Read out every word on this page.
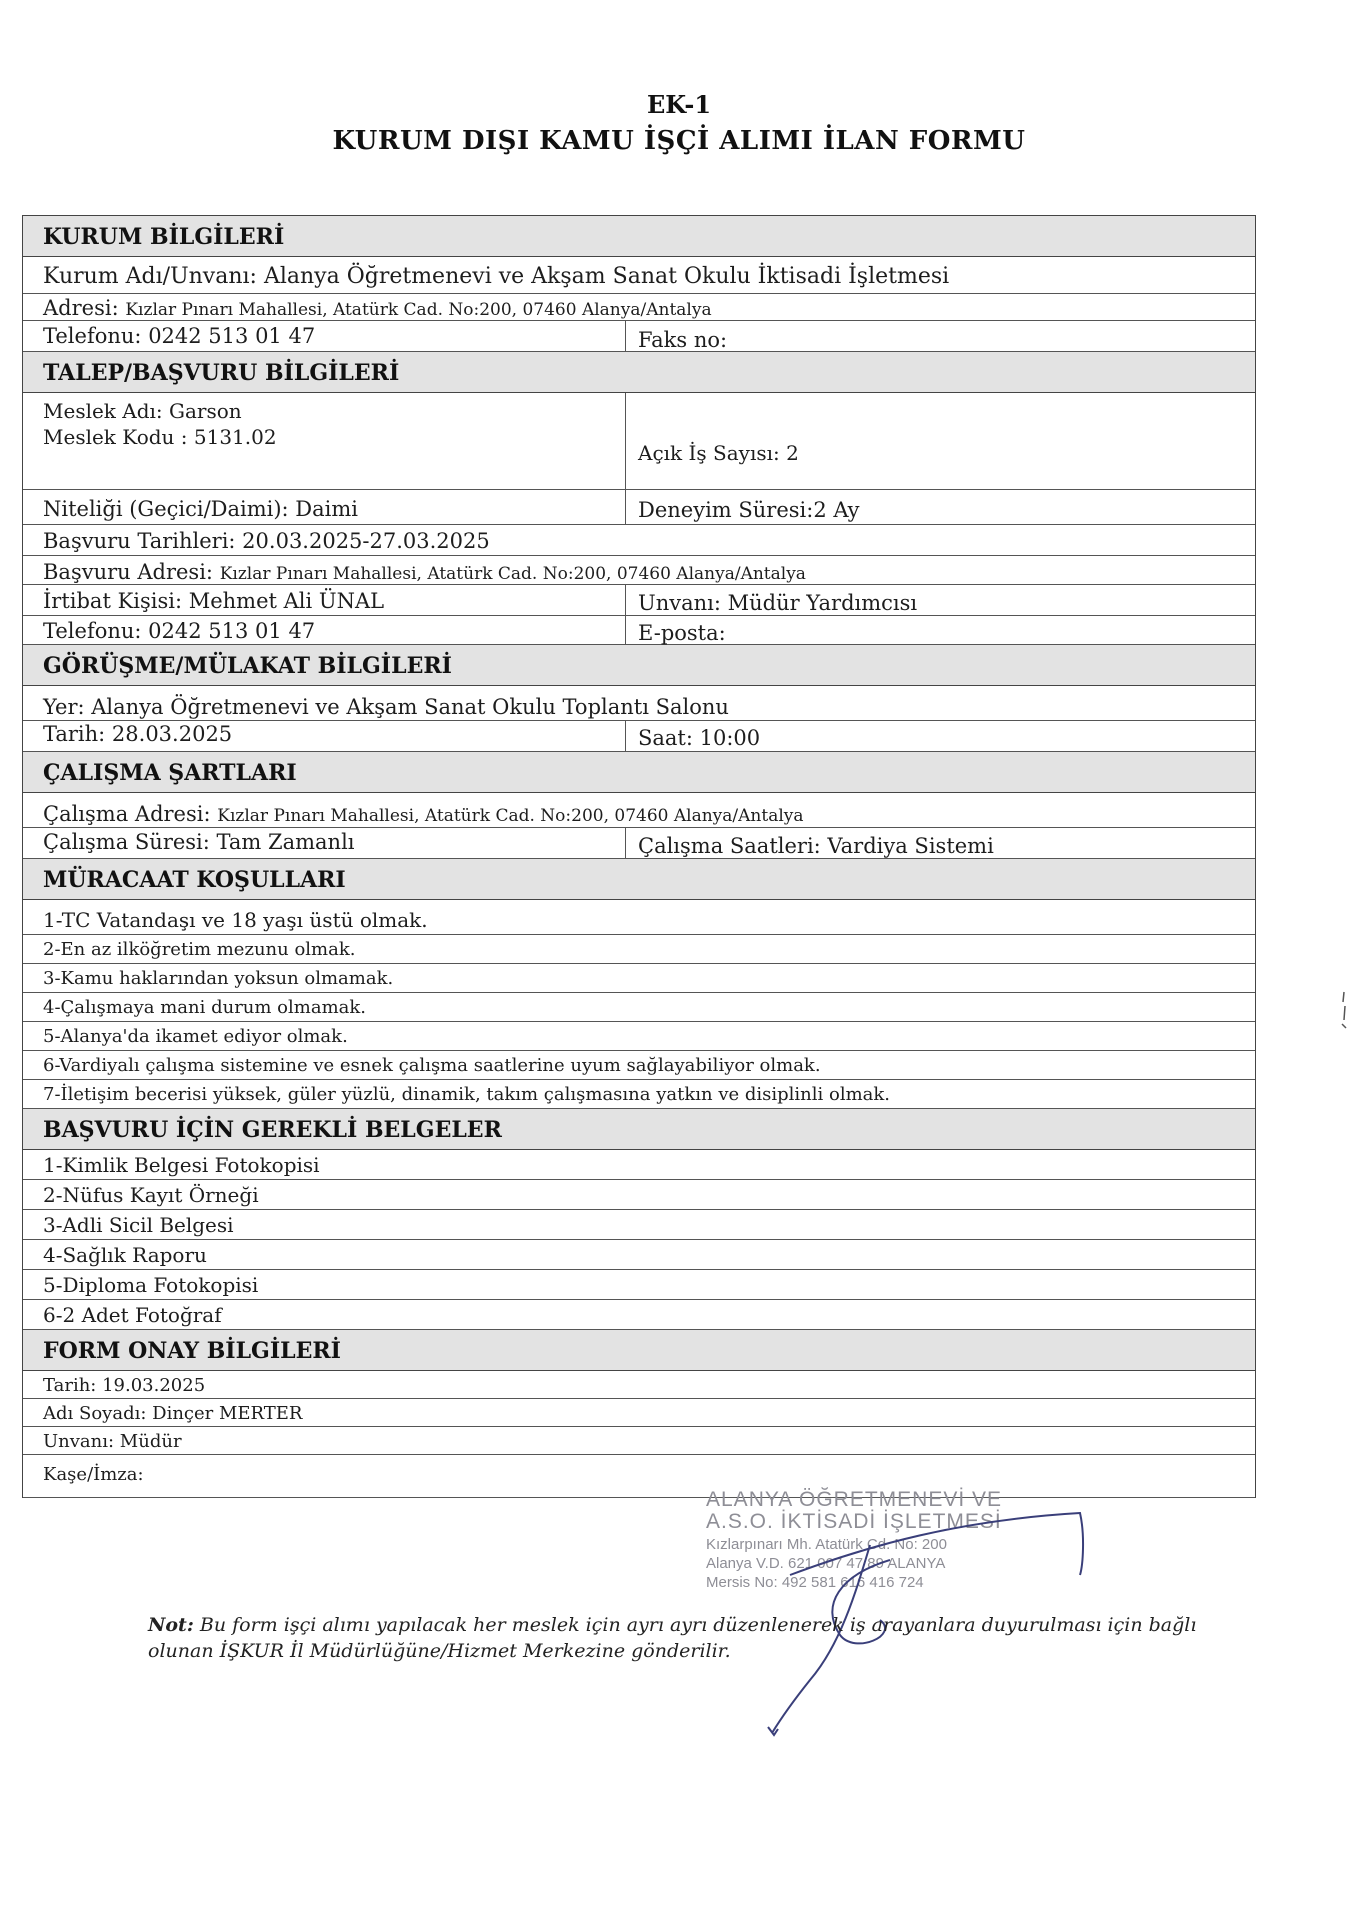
EK-1
KURUM DIŞI KAMU İŞÇİ ALIMI İLAN FORMU
KURUM BİLGİLERİ
Kurum Adı/Unvanı: Alanya Öğretmenevi ve Akşam Sanat Okulu İktisadi İşletmesi
Adresi: Kızlar Pınarı Mahallesi, Atatürk Cad. No:200, 07460 Alanya/Antalya
Telefonu: 0242 513 01 47	Faks no:
TALEP/BAŞVURU BİLGİLERİ
Meslek Adı: Garson
Meslek Kodu : 5131.02
Açık İş Sayısı: 2
Niteliği (Geçici/Daimi): Daimi	Deneyim Süresi:2 Ay
Başvuru Tarihleri: 20.03.2025-27.03.2025
Başvuru Adresi: Kızlar Pınarı Mahallesi, Atatürk Cad. No:200, 07460 Alanya/Antalya
İrtibat Kişisi: Mehmet Ali ÜNAL	Unvanı: Müdür Yardımcısı
Telefonu: 0242 513 01 47	E-posta:
GÖRÜŞME/MÜLAKAT BİLGİLERİ
Yer: Alanya Öğretmenevi ve Akşam Sanat Okulu Toplantı Salonu
Tarih: 28.03.2025	Saat: 10:00
ÇALIŞMA ŞARTLARI
Çalışma Adresi: Kızlar Pınarı Mahallesi, Atatürk Cad. No:200, 07460 Alanya/Antalya
Çalışma Süresi: Tam Zamanlı	Çalışma Saatleri: Vardiya Sistemi
MÜRACAAT KOŞULLARI
1-TC Vatandaşı ve 18 yaşı üstü olmak.
2-En az ilköğretim mezunu olmak.
3-Kamu haklarından yoksun olmamak.
4-Çalışmaya mani durum olmamak.
5-Alanya'da ikamet ediyor olmak.
6-Vardiyalı çalışma sistemine ve esnek çalışma saatlerine uyum sağlayabiliyor olmak.
7-İletişim becerisi yüksek, güler yüzlü, dinamik, takım çalışmasına yatkın ve disiplinli olmak.
BAŞVURU İÇİN GEREKLİ BELGELER
1-Kimlik Belgesi Fotokopisi
2-Nüfus Kayıt Örneği
3-Adli Sicil Belgesi
4-Sağlık Raporu
5-Diploma Fotokopisi
6-2 Adet Fotoğraf
FORM ONAY BİLGİLERİ
Tarih: 19.03.2025
Adı Soyadı: Dinçer MERTER
Unvanı: Müdür
Kaşe/İmza:
ALANYA ÖĞRETMENEVİ VE
A.S.O. İKTİSADİ İŞLETMESİ
Kızlarpınarı Mh. Atatürk Cd. No: 200
Alanya V.D. 621 007 47 89 ALANYA
Mersis No: 492 581 616 416 724
Not: Bu form işçi alımı yapılacak her meslek için ayrı ayrı düzenlenerek iş arayanlara duyurulması için bağlı olunan İŞKUR İl Müdürlüğüne/Hizmet Merkezine gönderilir.
